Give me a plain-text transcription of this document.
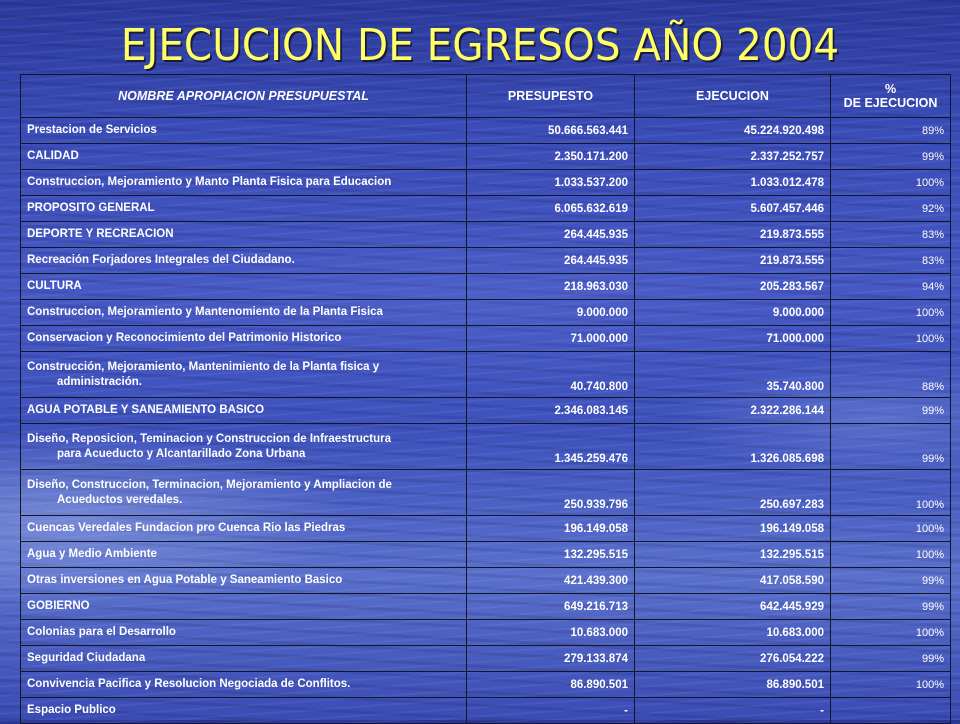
EJECUCION DE EGRESOS AÑO 2004
NOMBRE APROPIACION PRESUPUESTAL	PRESUPESTO	EJECUCION	%
DE EJECUCION

Prestacion de Servicios	50.666.563.441	45.224.920.498	89%

CALIDAD	2.350.171.200	2.337.252.757	99%

Construccion, Mejoramiento y Manto Planta Fisica para Educacion	1.033.537.200	1.033.012.478	100%

PROPOSITO GENERAL	6.065.632.619	5.607.457.446	92%

DEPORTE Y RECREACION	264.445.935	219.873.555	83%

Recreación Forjadores Integrales del Ciudadano.	264.445.935	219.873.555	83%

CULTURA	218.963.030	205.283.567	94%

Construccion, Mejoramiento y Mantenomiento de la Planta Fisica	9.000.000	9.000.000	100%

Conservacion y Reconocimiento del Patrimonio Historico	71.000.000	71.000.000	100%

Construcción, Mejoramiento, Mantenimiento de la Planta fisica y
administración.	40.740.800	35.740.800	88%

AGUA POTABLE Y SANEAMIENTO BASICO	2.346.083.145	2.322.286.144	99%

Diseño, Reposicion, Teminacion y Construccion de Infraestructura
para Acueducto y Alcantarillado Zona Urbana	1.345.259.476	1.326.085.698	99%

Diseño, Construccion, Terminacion, Mejoramiento y Ampliacion de
Acueductos veredales.	250.939.796	250.697.283	100%

Cuencas Veredales Fundacion pro Cuenca Rio las Piedras	196.149.058	196.149.058	100%

Agua y Medio Ambiente	132.295.515	132.295.515	100%

Otras inversiones en Agua Potable y Saneamiento Basico	421.439.300	417.058.590	99%

GOBIERNO	649.216.713	642.445.929	99%

Colonias para el Desarrollo	10.683.000	10.683.000	100%

Seguridad Ciudadana	279.133.874	276.054.222	99%

Convivencia Pacifica y Resolucion Negociada de Conflitos.	86.890.501	86.890.501	100%

Espacio Publico	-	-	
